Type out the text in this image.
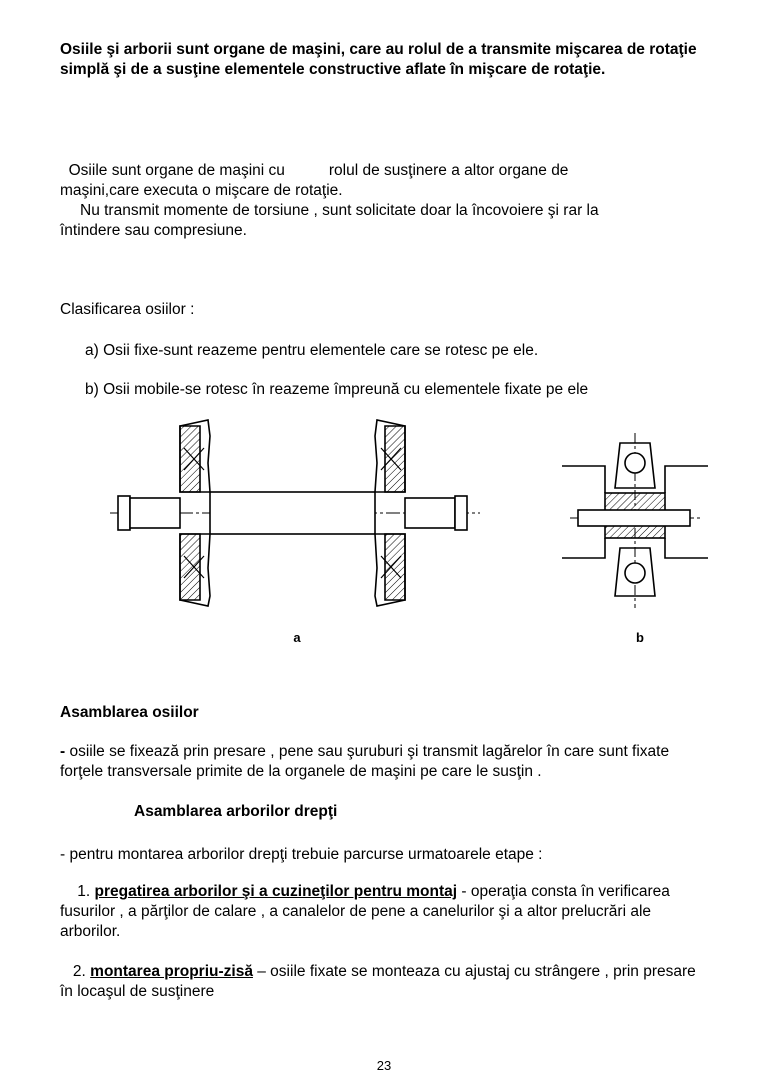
Osiile şi arborii sunt organe de maşini, care au rolul de a transmite mişcarea de rotaţie simplă şi de a susţine elementele constructive aflate în mişcare de rotaţie.

Osiile sunt organe de maşini cu	rolul de susţinere a altor organe de
maşini,care executa o mişcare de rotaţie.
Nu transmit momente de torsiune , sunt solicitate doar la încovoiere şi rar la
întindere sau compresiune.

Clasificarea osiilor :

a) Osii fixe-sunt reazeme pentru elementele care se rotesc pe ele.

b) Osii mobile-se rotesc în reazeme împreună cu elementele fixate pe ele

a	b

Asamblarea osiilor

- osiile se fixează prin presare , pene sau şuruburi şi transmit lagărelor în care sunt fixate forţele transversale primite de la organele de maşini pe care le susţin .

Asamblarea arborilor drepţi

- pentru montarea arborilor drepţi trebuie parcurse urmatoarele etape :

1. pregatirea arborilor şi a cuzineţilor pentru montaj - operaţia consta în verificarea fusurilor , a părţilor de calare , a canalelor de pene a canelurilor şi a altor prelucrări ale arborilor.

2. montarea propriu-zisă – osiile fixate se monteaza cu ajustaj cu strângere , prin presare în locaşul de susţinere

23
